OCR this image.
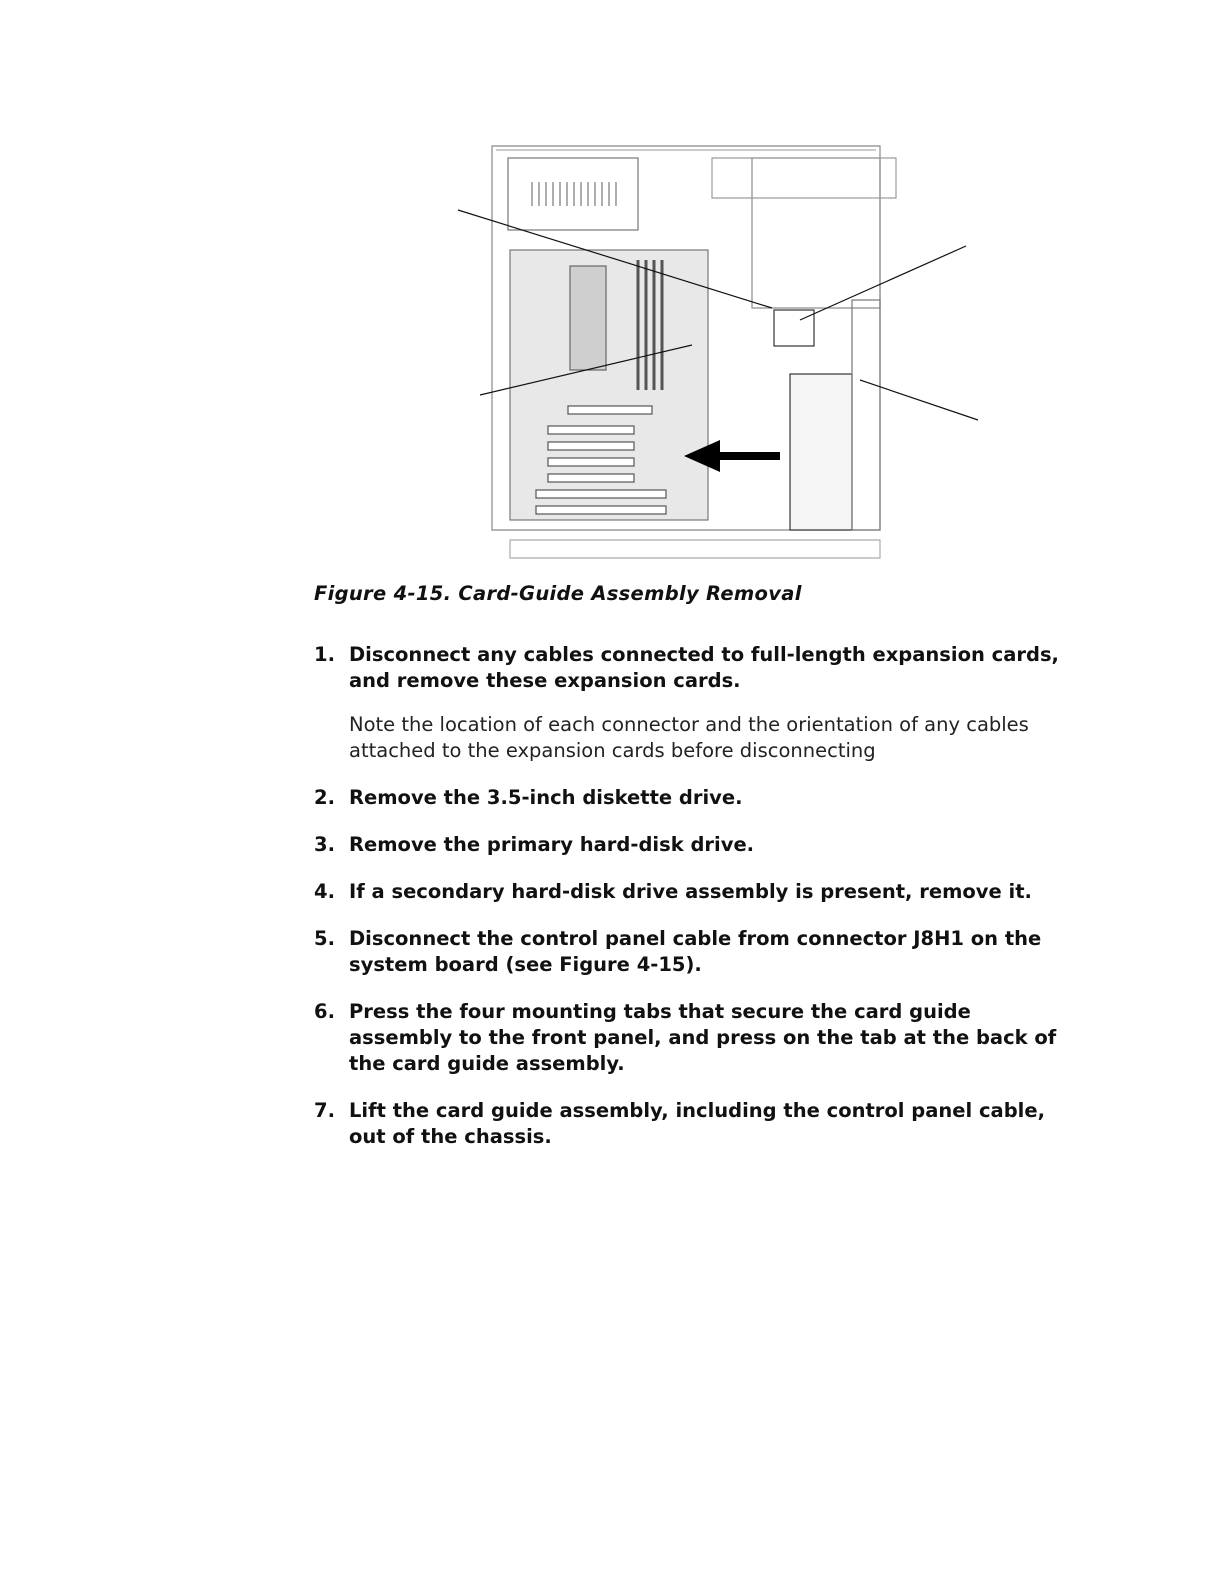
Figure 4-15. Card-Guide Assembly Removal
1. Disconnect any cables connected to full-length expansion cards, and remove these expansion cards.
Note the location of each connector and the orientation of any cables attached to the expansion cards before disconnecting
2. Remove the 3.5-inch diskette drive.
3. Remove the primary hard-disk drive.
4. If a secondary hard-disk drive assembly is present, remove it.
5. Disconnect the control panel cable from connector J8H1 on the system board (see Figure 4-15).
6. Press the four mounting tabs that secure the card guide assembly to the front panel, and press on the tab at the back of the card guide assembly.
7. Lift the card guide assembly, including the control panel cable, out of the chassis.
